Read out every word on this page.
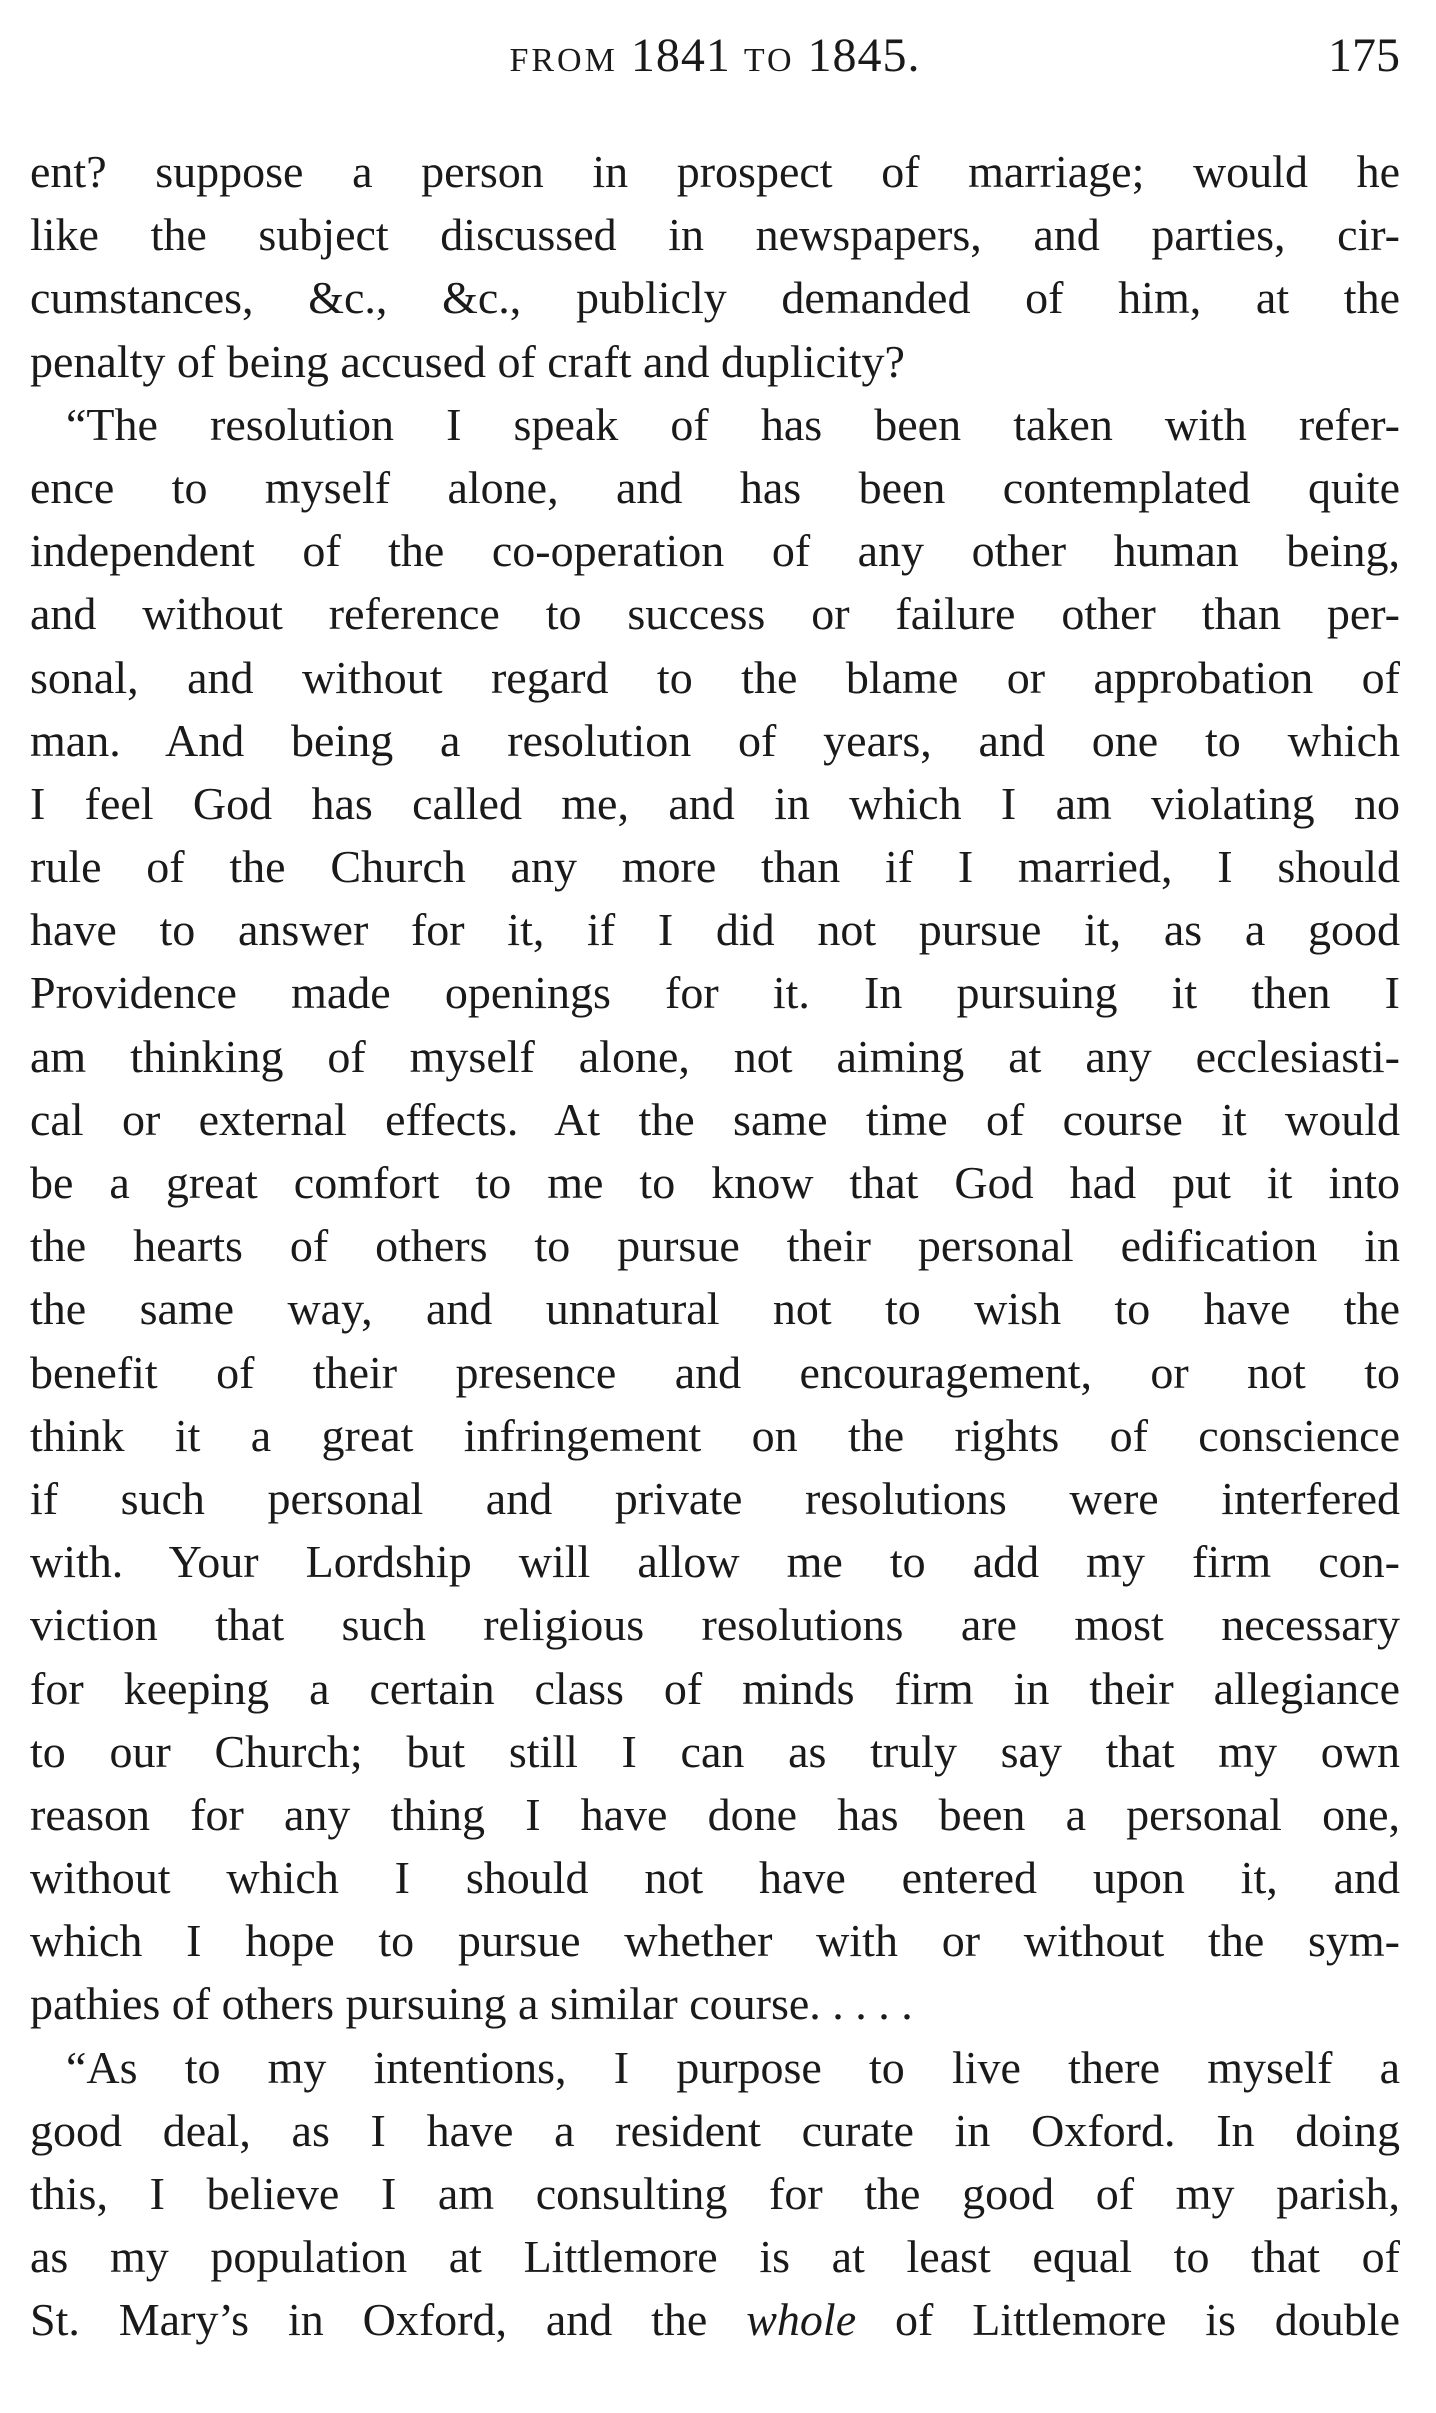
FROM 1841 TO 1845.	175
ent? suppose a person in prospect of marriage; would he
like the subject discussed in newspapers, and parties, cir-
cumstances, &c., &c., publicly demanded of him, at the
penalty of being accused of craft and duplicity?
“The resolution I speak of has been taken with refer-
ence to myself alone, and has been contemplated quite
independent of the co-operation of any other human being,
and without reference to success or failure other than per-
sonal, and without regard to the blame or approbation of
man. And being a resolution of years, and one to which
I feel God has called me, and in which I am violating no
rule of the Church any more than if I married, I should
have to answer for it, if I did not pursue it, as a good
Providence made openings for it. In pursuing it then I
am thinking of myself alone, not aiming at any ecclesiasti-
cal or external effects. At the same time of course it would
be a great comfort to me to know that God had put it into
the hearts of others to pursue their personal edification in
the same way, and unnatural not to wish to have the
benefit of their presence and encouragement, or not to
think it a great infringement on the rights of conscience
if such personal and private resolutions were interfered
with. Your Lordship will allow me to add my firm con-
viction that such religious resolutions are most necessary
for keeping a certain class of minds firm in their allegiance
to our Church; but still I can as truly say that my own
reason for any thing I have done has been a personal one,
without which I should not have entered upon it, and
which I hope to pursue whether with or without the sym-
pathies of others pursuing a similar course. . . . .
“As to my intentions, I purpose to live there myself a
good deal, as I have a resident curate in Oxford. In doing
this, I believe I am consulting for the good of my parish,
as my population at Littlemore is at least equal to that of
St. Mary’s in Oxford, and the whole of Littlemore is double
